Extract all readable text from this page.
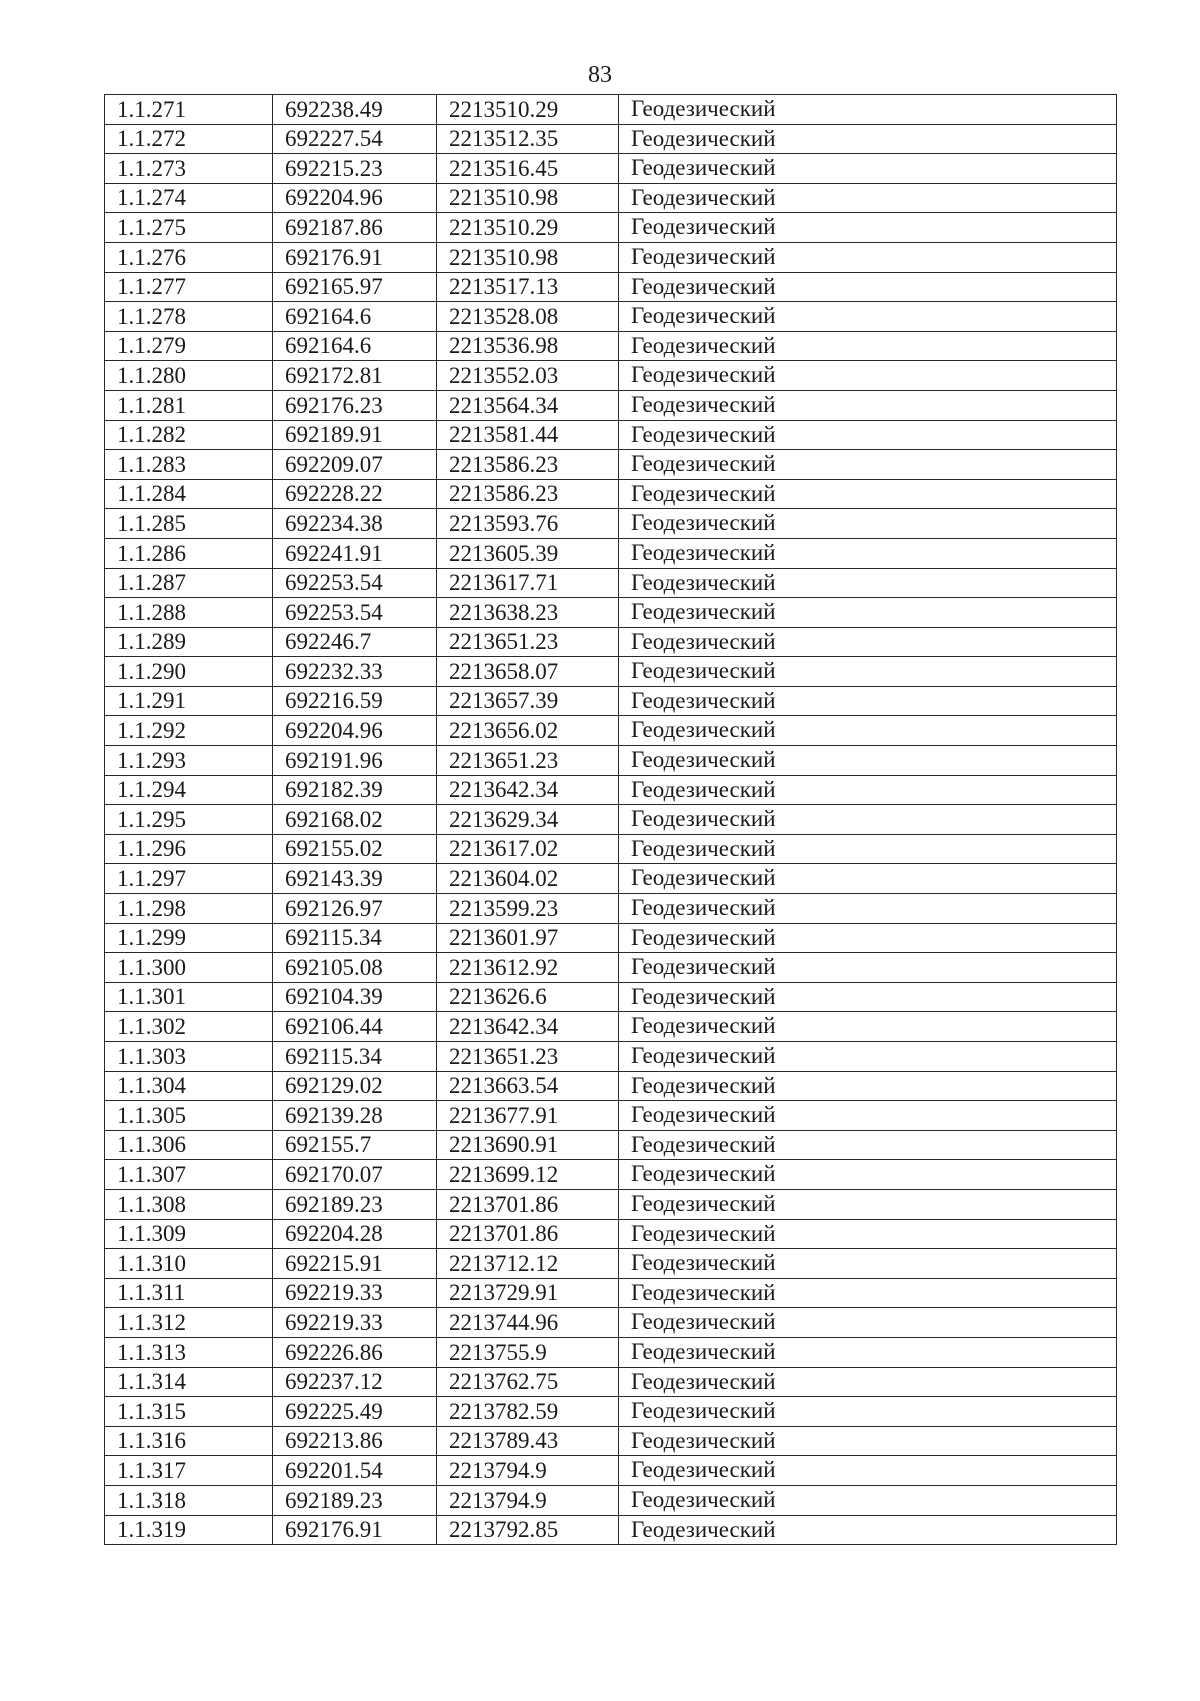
83
1.1.271	692238.49	2213510.29	Геодезический
1.1.272	692227.54	2213512.35	Геодезический
1.1.273	692215.23	2213516.45	Геодезический
1.1.274	692204.96	2213510.98	Геодезический
1.1.275	692187.86	2213510.29	Геодезический
1.1.276	692176.91	2213510.98	Геодезический
1.1.277	692165.97	2213517.13	Геодезический
1.1.278	692164.6	2213528.08	Геодезический
1.1.279	692164.6	2213536.98	Геодезический
1.1.280	692172.81	2213552.03	Геодезический
1.1.281	692176.23	2213564.34	Геодезический
1.1.282	692189.91	2213581.44	Геодезический
1.1.283	692209.07	2213586.23	Геодезический
1.1.284	692228.22	2213586.23	Геодезический
1.1.285	692234.38	2213593.76	Геодезический
1.1.286	692241.91	2213605.39	Геодезический
1.1.287	692253.54	2213617.71	Геодезический
1.1.288	692253.54	2213638.23	Геодезический
1.1.289	692246.7	2213651.23	Геодезический
1.1.290	692232.33	2213658.07	Геодезический
1.1.291	692216.59	2213657.39	Геодезический
1.1.292	692204.96	2213656.02	Геодезический
1.1.293	692191.96	2213651.23	Геодезический
1.1.294	692182.39	2213642.34	Геодезический
1.1.295	692168.02	2213629.34	Геодезический
1.1.296	692155.02	2213617.02	Геодезический
1.1.297	692143.39	2213604.02	Геодезический
1.1.298	692126.97	2213599.23	Геодезический
1.1.299	692115.34	2213601.97	Геодезический
1.1.300	692105.08	2213612.92	Геодезический
1.1.301	692104.39	2213626.6	Геодезический
1.1.302	692106.44	2213642.34	Геодезический
1.1.303	692115.34	2213651.23	Геодезический
1.1.304	692129.02	2213663.54	Геодезический
1.1.305	692139.28	2213677.91	Геодезический
1.1.306	692155.7	2213690.91	Геодезический
1.1.307	692170.07	2213699.12	Геодезический
1.1.308	692189.23	2213701.86	Геодезический
1.1.309	692204.28	2213701.86	Геодезический
1.1.310	692215.91	2213712.12	Геодезический
1.1.311	692219.33	2213729.91	Геодезический
1.1.312	692219.33	2213744.96	Геодезический
1.1.313	692226.86	2213755.9	Геодезический
1.1.314	692237.12	2213762.75	Геодезический
1.1.315	692225.49	2213782.59	Геодезический
1.1.316	692213.86	2213789.43	Геодезический
1.1.317	692201.54	2213794.9	Геодезический
1.1.318	692189.23	2213794.9	Геодезический
1.1.319	692176.91	2213792.85	Геодезический
